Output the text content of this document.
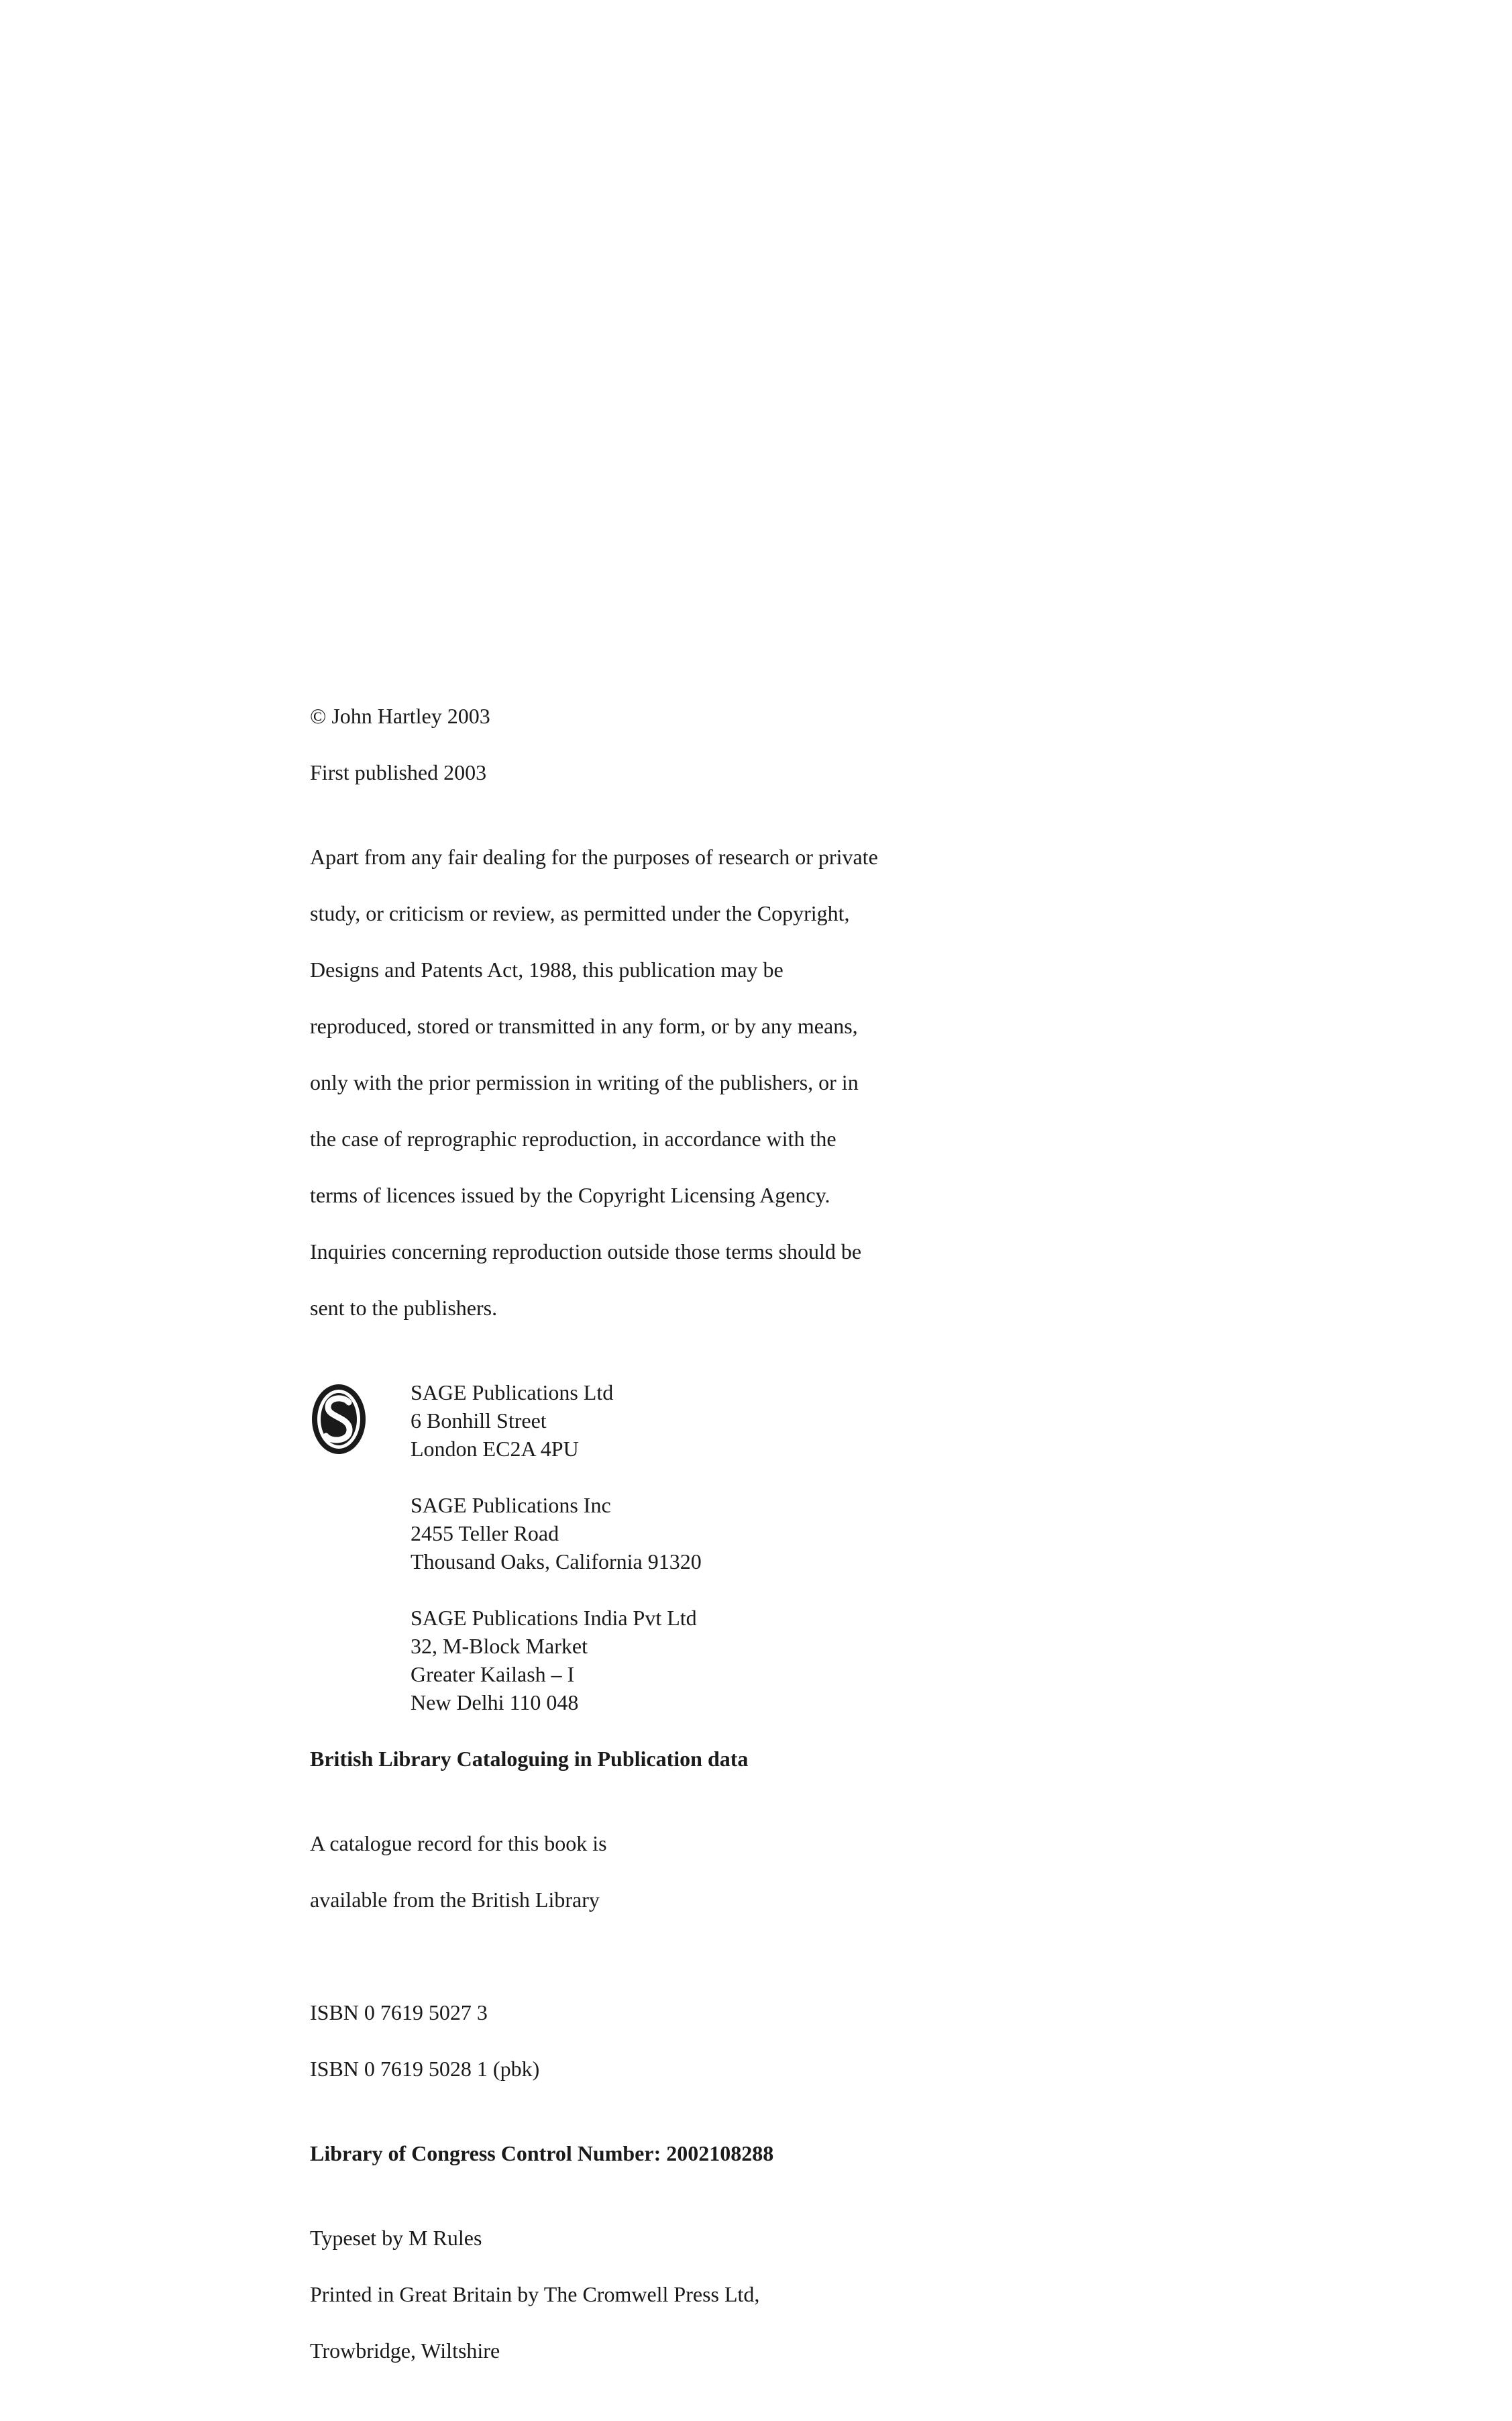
© John Hartley 2003

First published 2003

Apart from any fair dealing for the purposes of research or private

study, or criticism or review, as permitted under the Copyright,

Designs and Patents Act, 1988, this publication may be

reproduced, stored or transmitted in any form, or by any means,

only with the prior permission in writing of the publishers, or in

the case of reprographic reproduction, in accordance with the

terms of licences issued by the Copyright Licensing Agency.

Inquiries concerning reproduction outside those terms should be

sent to the publishers.

SAGE Publications Ltd
6 Bonhill Street
London EC2A 4PU
SAGE Publications Inc
2455 Teller Road
Thousand Oaks, California 91320
SAGE Publications India Pvt Ltd
32, M-Block Market
Greater Kailash – I
New Delhi 110 048

British Library Cataloguing in Publication data

A catalogue record for this book is

available from the British Library

ISBN 0 7619 5027 3

ISBN 0 7619 5028 1 (pbk)

Library of Congress Control Number: 2002108288

Typeset by M Rules

Printed in Great Britain by The Cromwell Press Ltd,

Trowbridge, Wiltshire
